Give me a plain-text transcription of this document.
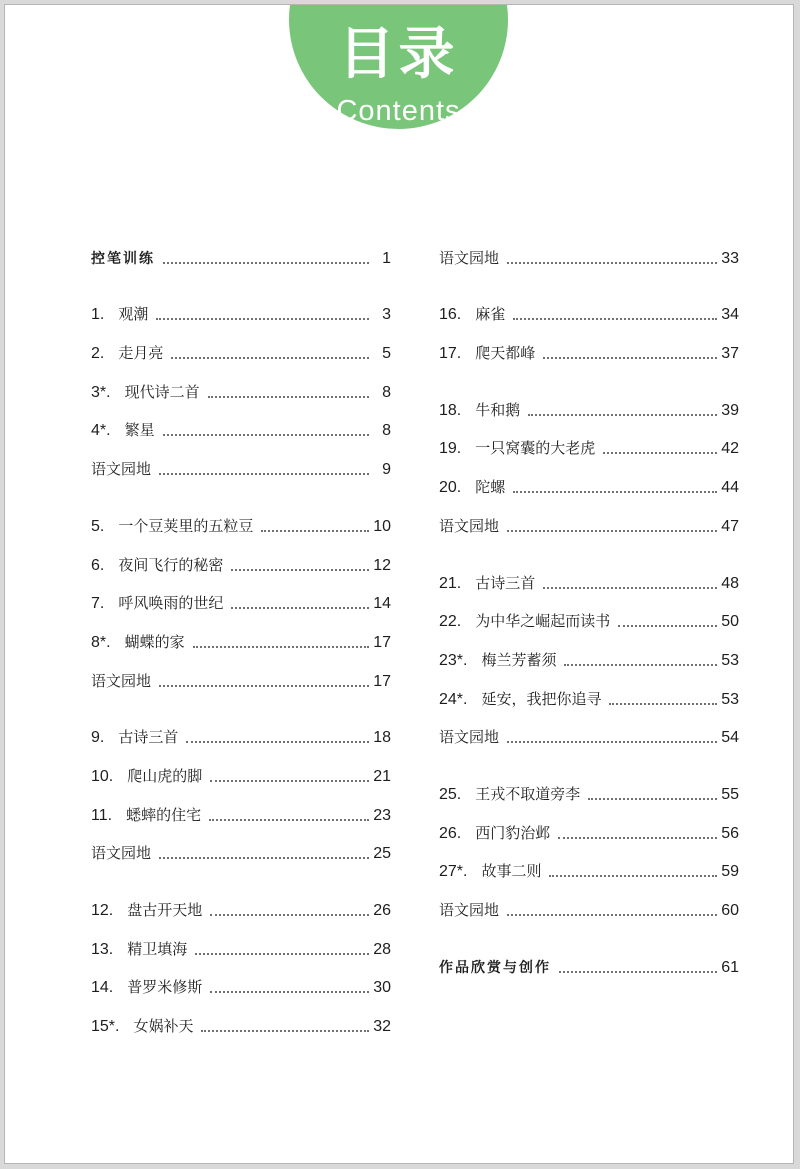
目录
Contents
控笔训练	1
1. 观潮	3
2. 走月亮	5
3*. 现代诗二首	8
4*. 繁星	8
语文园地	9
5. 一个豆荚里的五粒豆	10
6. 夜间飞行的秘密	12
7. 呼风唤雨的世纪	14
8*. 蝴蝶的家	17
语文园地	17
9. 古诗三首	18
10. 爬山虎的脚	21
11. 蟋蟀的住宅	23
语文园地	25
12. 盘古开天地	26
13. 精卫填海	28
14. 普罗米修斯	30
15*. 女娲补天	32
语文园地	33
16. 麻雀	34
17. 爬天都峰	37
18. 牛和鹅	39
19. 一只窝囊的大老虎	42
20. 陀螺	44
语文园地	47
21. 古诗三首	48
22. 为中华之崛起而读书	50
23*. 梅兰芳蓄须	53
24*. 延安，我把你追寻	53
语文园地	54
25. 王戎不取道旁李	55
26. 西门豹治邺	56
27*. 故事二则	59
语文园地	60
作品欣赏与创作	61
